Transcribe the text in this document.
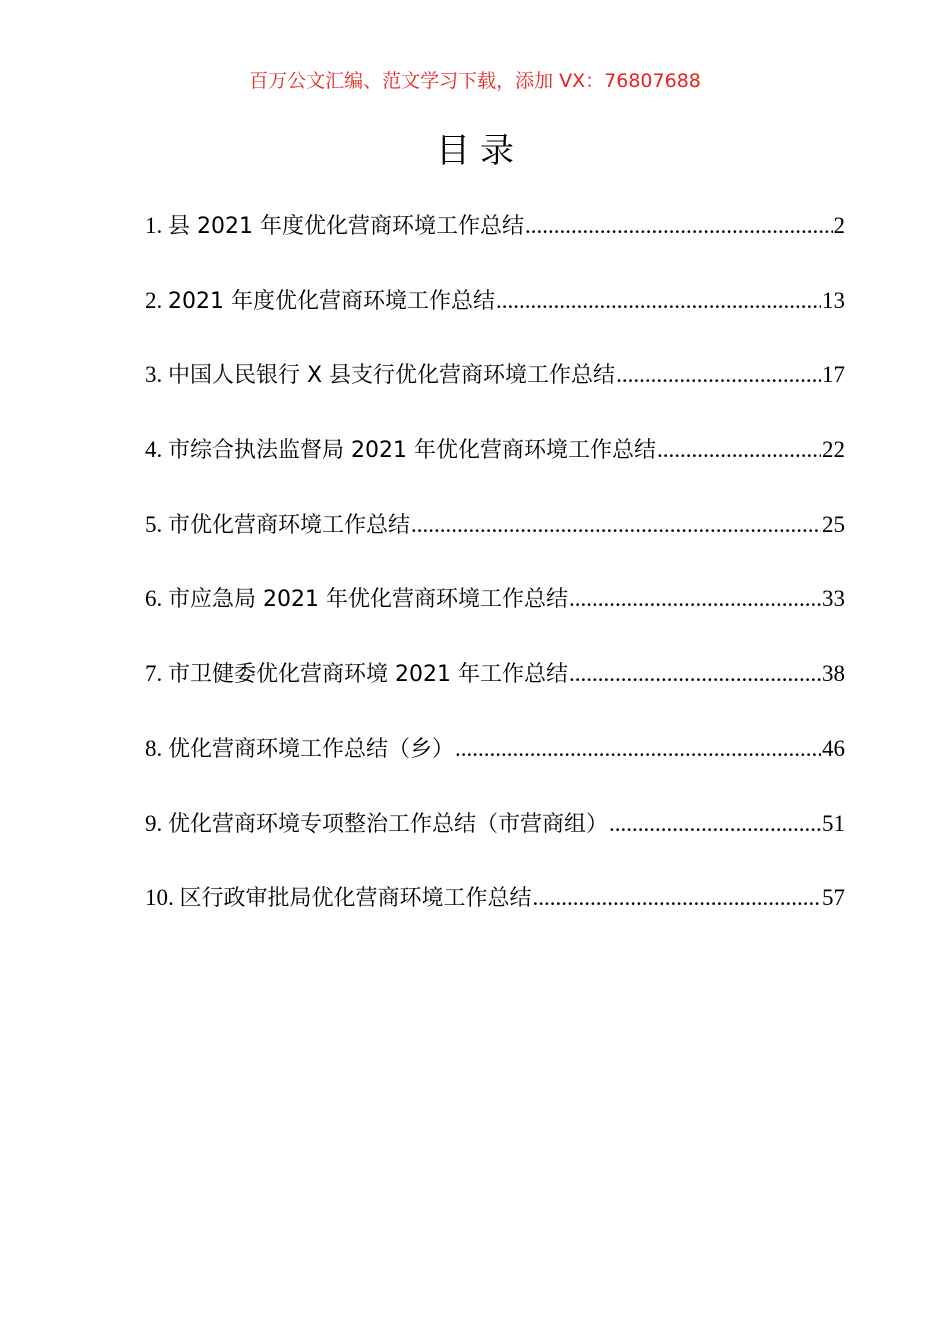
百万公文汇编、范文学习下载，添加 VX：76807688
目录
1.
县 2021 年度优化营商环境工作总结 .....	2
2.
2021 年度优化营商环境工作总结 .....	13
3.
中国人民银行 X 县支行优化营商环境工作总结 .....	17
4.
市综合执法监督局 2021 年优化营商环境工作总结 .....	22
5.
市优化营商环境工作总结 .....	25
6.
市应急局 2021 年优化营商环境工作总结 .....	33
7.
市卫健委优化营商环境 2021 年工作总结 .....	38
8.
优化营商环境工作总结（乡） .....	46
9.
优化营商环境专项整治工作总结（市营商组） .....	51
10.
区行政审批局优化营商环境工作总结 .....	57
